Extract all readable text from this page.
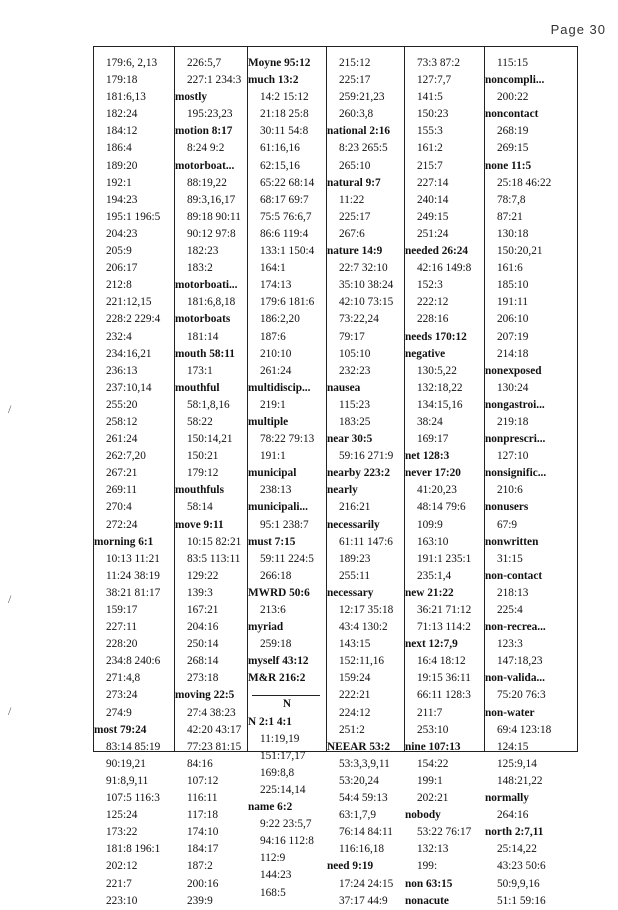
Page 30
/
/
/
179:6, 2,13
179:18
181:6,13
182:24
184:12
186:4
189:20
192:1
194:23
195:1 196:5
204:23
205:9
206:17
212:8
221:12,15
228:2 229:4
232:4
234:16,21
236:13
237:10,14
255:20
258:12
261:24
262:7,20
267:21
269:11
270:4
272:24
morning 6:1
10:13 11:21
11:24 38:19
38:21 81:17
159:17
227:11
228:20
234:8 240:6
271:4,8
273:24
274:9
most 79:24
83:14 85:19
90:19,21
91:8,9,11
107:5 116:3
125:24
173:22
181:8 196:1
202:12
221:7
223:10
226:5,7
227:1 234:3
mostly
195:23,23
motion 8:17
8:24 9:2
motorboat...
88:19,22
89:3,16,17
89:18 90:11
90:12 97:8
182:23
183:2
motorboati...
181:6,8,18
motorboats
181:14
mouth 58:11
173:1
mouthful
58:1,8,16
58:22
150:14,21
150:21
179:12
mouthfuls
58:14
move 9:11
10:15 82:21
83:5 113:11
129:22
139:3
167:21
204:16
250:14
268:14
273:18
moving 22:5
27:4 38:23
42:20 43:17
77:23 81:15
84:16
107:12
116:11
117:18
174:10
184:17
187:2
200:16
239:9
Moyne 95:12
much 13:2
14:2 15:12
21:18 25:8
30:11 54:8
61:16,16
62:15,16
65:22 68:14
68:17 69:7
75:5 76:6,7
86:6 119:4
133:1 150:4
164:1
174:13
179:6 181:6
186:2,20
187:6
210:10
261:24
multidiscip...
219:1
multiple
78:22 79:13
191:1
municipal
238:13
municipali...
95:1 238:7
must 7:15
59:11 224:5
266:18
MWRD 50:6
213:6
myriad
259:18
myself 43:12
M&R 216:2
N
N 2:1 4:1
11:19,19
151:17,17
169:8,8
225:14,14
name 6:2
9:22 23:5,7
94:16 112:8
112:9
144:23
168:5
215:12
225:17
259:21,23
260:3,8
national 2:16
8:23 265:5
265:10
natural 9:7
11:22
225:17
267:6
nature 14:9
22:7 32:10
35:10 38:24
42:10 73:15
73:22,24
79:17
105:10
232:23
nausea
115:23
183:25
near 30:5
59:16 271:9
nearby 223:2
nearly
216:21
necessarily
61:11 147:6
189:23
255:11
necessary
12:17 35:18
43:4 130:2
143:15
152:11,16
159:24
222:21
224:12
251:2
NEEAR 53:2
53:3,3,9,11
53:20,24
54:4 59:13
63:1,7,9
76:14 84:11
116:16,18
need 9:19
17:24 24:15
37:17 44:9
73:3 87:2
127:7,7
141:5
150:23
155:3
161:2
215:7
227:14
240:14
249:15
251:24
needed 26:24
42:16 149:8
152:3
222:12
228:16
needs 170:12
negative
130:5,22
132:18,22
134:15,16
38:24
169:17
net 128:3
never 17:20
41:20,23
48:14 79:6
109:9
163:10
191:1 235:1
235:1,4
new 21:22
36:21 71:12
71:13 114:2
next 12:7,9
16:4 18:12
19:15 36:11
66:11 128:3
211:7
253:10
nine 107:13
154:22
199:1
202:21
nobody
53:22 76:17
132:13
199:
non 63:15
nonacute
115:15
noncompli...
200:22
noncontact
268:19
269:15
none 11:5
25:18 46:22
78:7,8
87:21
130:18
150:20,21
161:6
185:10
191:11
206:10
207:19
214:18
nonexposed
130:24
nongastroi...
219:18
nonprescri...
127:10
nonsignific...
210:6
nonusers
67:9
nonwritten
31:15
non-contact
218:13
225:4
non-recrea...
123:3
147:18,23
non-valida...
75:20 76:3
non-water
69:4 123:18
124:15
125:9,14
148:21,22
normally
264:16
north 2:7,11
25:14,22
43:23 50:6
50:9,9,16
51:1 59:16
